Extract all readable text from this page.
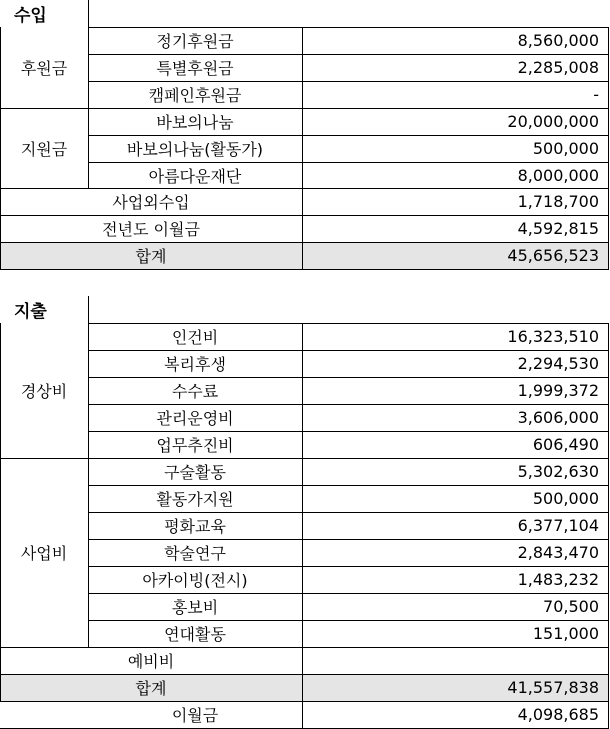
수입
후원금
정기후원금	8,560,000
특별후원금	2,285,008
캠페인후원금	-
지원금
바보의나눔	20,000,000
바보의나눔(활동가)	500,000
아름다운재단	8,000,000
사업외수입	1,718,700
전년도 이월금	4,592,815
합계	45,656,523
지출
경상비
인건비	16,323,510
복리후생	2,294,530
수수료	1,999,372
관리운영비	3,606,000
업무추진비	606,490
사업비
구술활동	5,302,630
활동가지원	500,000
평화교육	6,377,104
학술연구	2,843,470
아카이빙(전시)	1,483,232
홍보비	70,500
연대활동	151,000
예비비
합계	41,557,838
이월금	4,098,685
